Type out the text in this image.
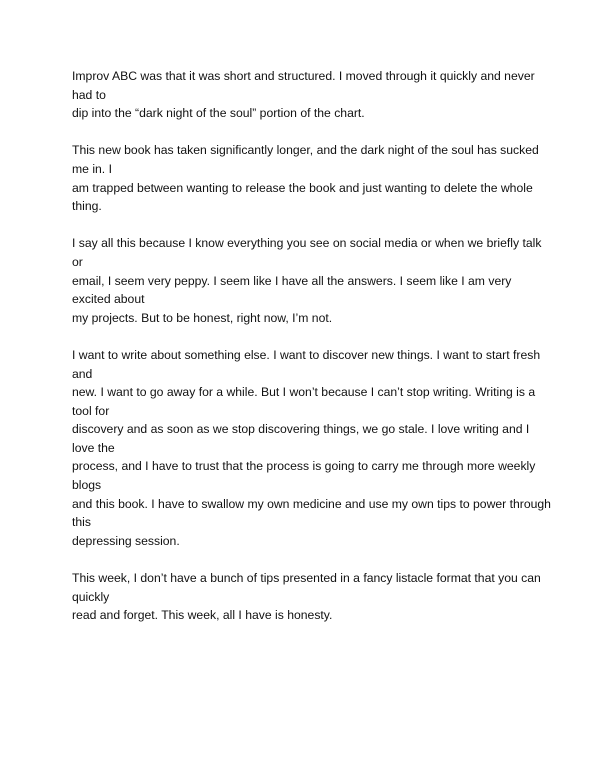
Improv ABC was that it was short and structured. I moved through it quickly and never had to
dip into the “dark night of the soul” portion of the chart.

This new book has taken significantly longer, and the dark night of the soul has sucked me in. I
am trapped between wanting to release the book and just wanting to delete the whole thing.

I say all this because I know everything you see on social media or when we briefly talk or
email, I seem very peppy. I seem like I have all the answers. I seem like I am very excited about
my projects. But to be honest, right now, I’m not.

I want to write about something else. I want to discover new things. I want to start fresh and
new. I want to go away for a while. But I won’t because I can’t stop writing. Writing is a tool for
discovery and as soon as we stop discovering things, we go stale. I love writing and I love the
process, and I have to trust that the process is going to carry me through more weekly blogs
and this book. I have to swallow my own medicine and use my own tips to power through this
depressing session.

This week, I don’t have a bunch of tips presented in a fancy listacle format that you can quickly
read and forget. This week, all I have is honesty.
